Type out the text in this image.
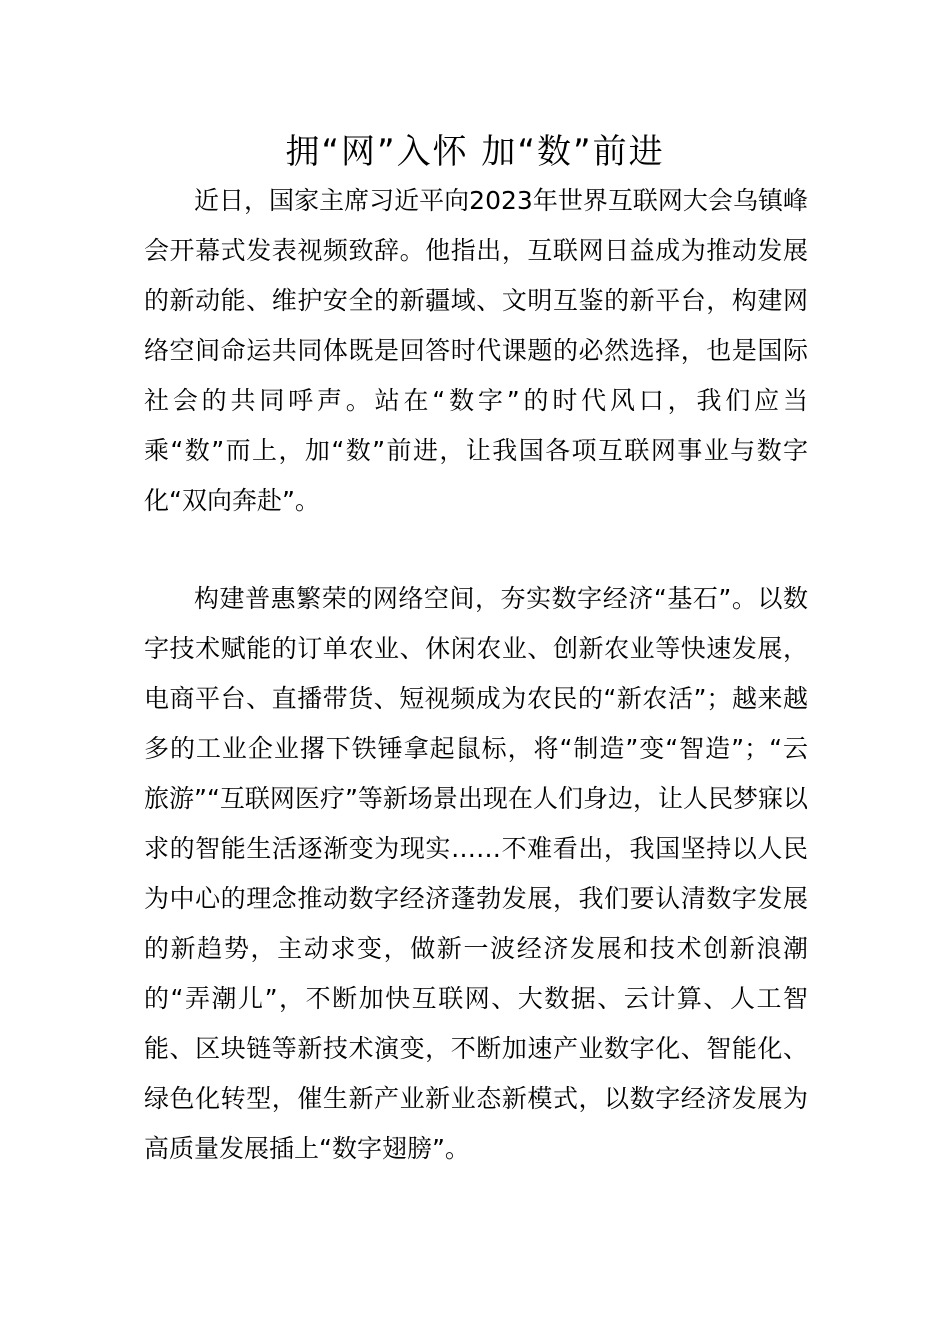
拥“网”入怀 加“数”前进

近日，国家主席习近平向2023年世界互联网大会乌镇峰会开幕式发表视频致辞。他指出，互联网日益成为推动发展的新动能、维护安全的新疆域、文明互鉴的新平台，构建网络空间命运共同体既是回答时代课题的必然选择，也是国际社会的共同呼声。站在“数字”的时代风口，我们应当乘“数”而上，加“数”前进，让我国各项互联网事业与数字化“双向奔赴”。

构建普惠繁荣的网络空间，夯实数字经济“基石”。以数字技术赋能的订单农业、休闲农业、创新农业等快速发展，电商平台、直播带货、短视频成为农民的“新农活”；越来越多的工业企业撂下铁锤拿起鼠标，将“制造”变“智造”；“云旅游”“互联网医疗”等新场景出现在人们身边，让人民梦寐以求的智能生活逐渐变为现实……不难看出，我国坚持以人民为中心的理念推动数字经济蓬勃发展，我们要认清数字发展的新趋势，主动求变，做新一波经济发展和技术创新浪潮的“弄潮儿”，不断加快互联网、大数据、云计算、人工智能、区块链等新技术演变，不断加速产业数字化、智能化、绿色化转型，催生新产业新业态新模式，以数字经济发展为高质量发展插上“数字翅膀”。
